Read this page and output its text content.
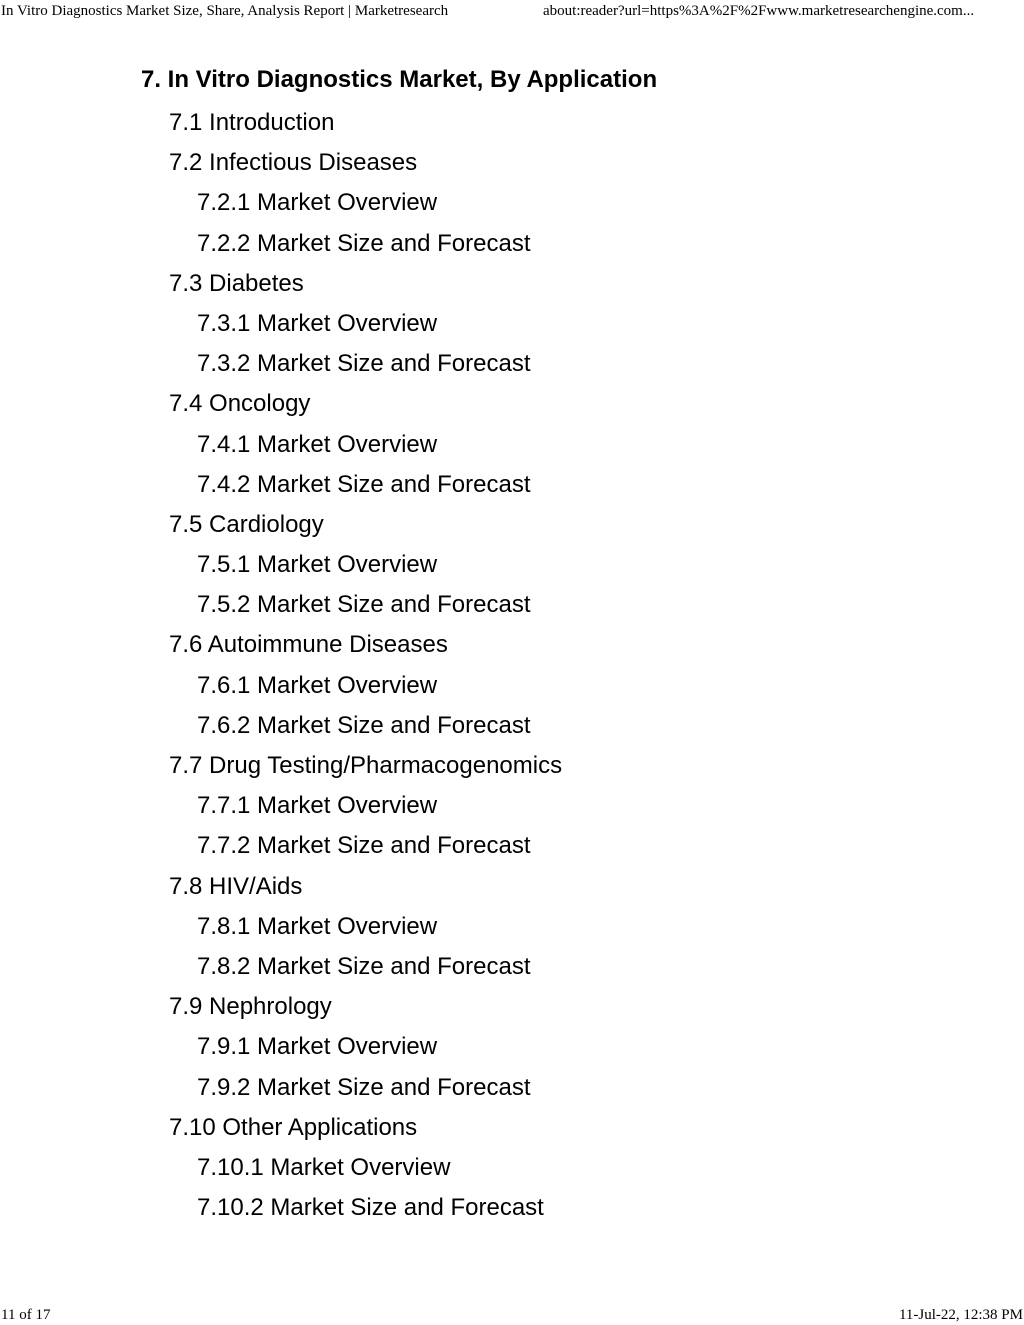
In Vitro Diagnostics Market Size, Share, Analysis Report | Marketresearch	about:reader?url=https%3A%2F%2Fwww.marketresearchengine.com...
7. In Vitro Diagnostics Market, By Application
7.1 Introduction
7.2 Infectious Diseases
7.2.1 Market Overview
7.2.2 Market Size and Forecast
7.3 Diabetes
7.3.1 Market Overview
7.3.2 Market Size and Forecast
7.4 Oncology
7.4.1 Market Overview
7.4.2 Market Size and Forecast
7.5 Cardiology
7.5.1 Market Overview
7.5.2 Market Size and Forecast
7.6 Autoimmune Diseases
7.6.1 Market Overview
7.6.2 Market Size and Forecast
7.7 Drug Testing/Pharmacogenomics
7.7.1 Market Overview
7.7.2 Market Size and Forecast
7.8 HIV/Aids
7.8.1 Market Overview
7.8.2 Market Size and Forecast
7.9 Nephrology
7.9.1 Market Overview
7.9.2 Market Size and Forecast
7.10 Other Applications
7.10.1 Market Overview
7.10.2 Market Size and Forecast
11 of 17	11-Jul-22, 12:38 PM
